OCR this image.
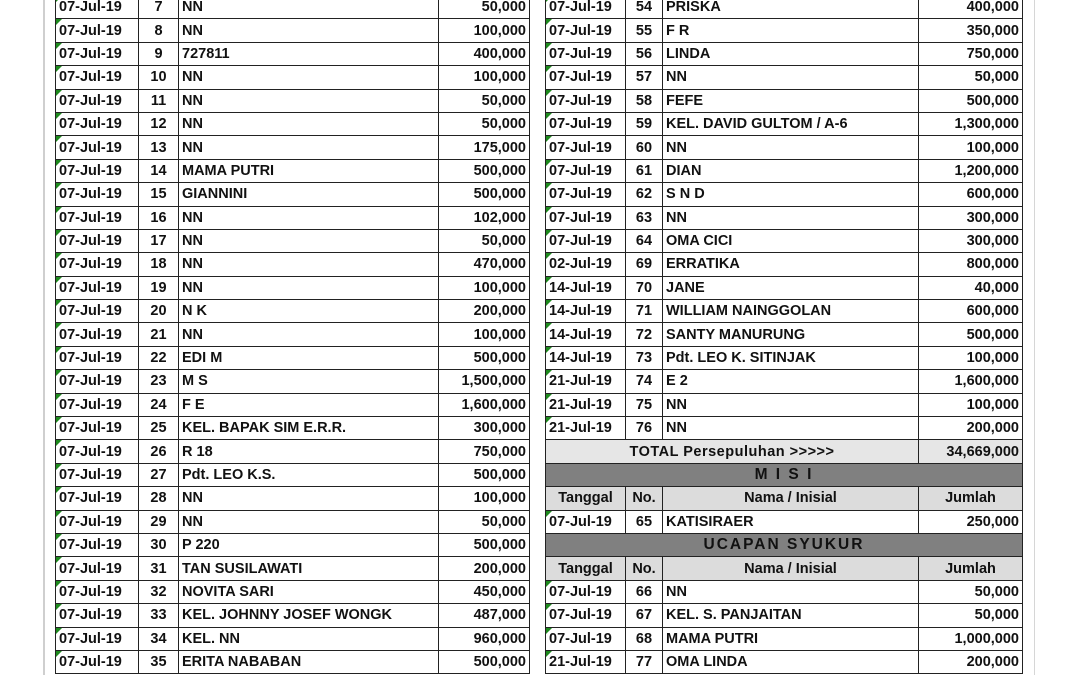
07-Jul-19	7	NN	50,000
07-Jul-19	8	NN	100,000
07-Jul-19	9	727811	400,000
07-Jul-19	10	NN	100,000
07-Jul-19	11	NN	50,000
07-Jul-19	12	NN	50,000
07-Jul-19	13	NN	175,000
07-Jul-19	14	MAMA PUTRI	500,000
07-Jul-19	15	GIANNINI	500,000
07-Jul-19	16	NN	102,000
07-Jul-19	17	NN	50,000
07-Jul-19	18	NN	470,000
07-Jul-19	19	NN	100,000
07-Jul-19	20	N K	200,000
07-Jul-19	21	NN	100,000
07-Jul-19	22	EDI M	500,000
07-Jul-19	23	M S	1,500,000
07-Jul-19	24	F E	1,600,000
07-Jul-19	25	KEL. BAPAK SIM E.R.R.	300,000
07-Jul-19	26	R 18	750,000
07-Jul-19	27	Pdt. LEO K.S.	500,000
07-Jul-19	28	NN	100,000
07-Jul-19	29	NN	50,000
07-Jul-19	30	P 220	500,000
07-Jul-19	31	TAN SUSILAWATI	200,000
07-Jul-19	32	NOVITA SARI	450,000
07-Jul-19	33	KEL. JOHNNY JOSEF WONGK	487,000
07-Jul-19	34	KEL. NN	960,000
07-Jul-19	35	ERITA NABABAN	500,000
07-Jul-19	54	PRISKA	400,000
07-Jul-19	55	F R	350,000
07-Jul-19	56	LINDA	750,000
07-Jul-19	57	NN	50,000
07-Jul-19	58	FEFE	500,000
07-Jul-19	59	KEL. DAVID GULTOM / A-6	1,300,000
07-Jul-19	60	NN	100,000
07-Jul-19	61	DIAN	1,200,000
07-Jul-19	62	S N D	600,000
07-Jul-19	63	NN	300,000
07-Jul-19	64	OMA CICI	300,000
02-Jul-19	69	ERRATIKA	800,000
14-Jul-19	70	JANE	40,000
14-Jul-19	71	WILLIAM NAINGGOLAN	600,000
14-Jul-19	72	SANTY MANURUNG	500,000
14-Jul-19	73	Pdt. LEO K. SITINJAK	100,000
21-Jul-19	74	E 2	1,600,000
21-Jul-19	75	NN	100,000
21-Jul-19	76	NN	200,000
TOTAL Persepuluhan >>>>>			34,669,000
M I S I			
Tanggal	No.	Nama / Inisial	Jumlah
07-Jul-19	65	KATISIRAER	250,000
UCAPAN SYUKUR			
Tanggal	No.	Nama / Inisial	Jumlah
07-Jul-19	66	NN	50,000
07-Jul-19	67	KEL. S. PANJAITAN	50,000
07-Jul-19	68	MAMA PUTRI	1,000,000
21-Jul-19	77	OMA LINDA	200,000
